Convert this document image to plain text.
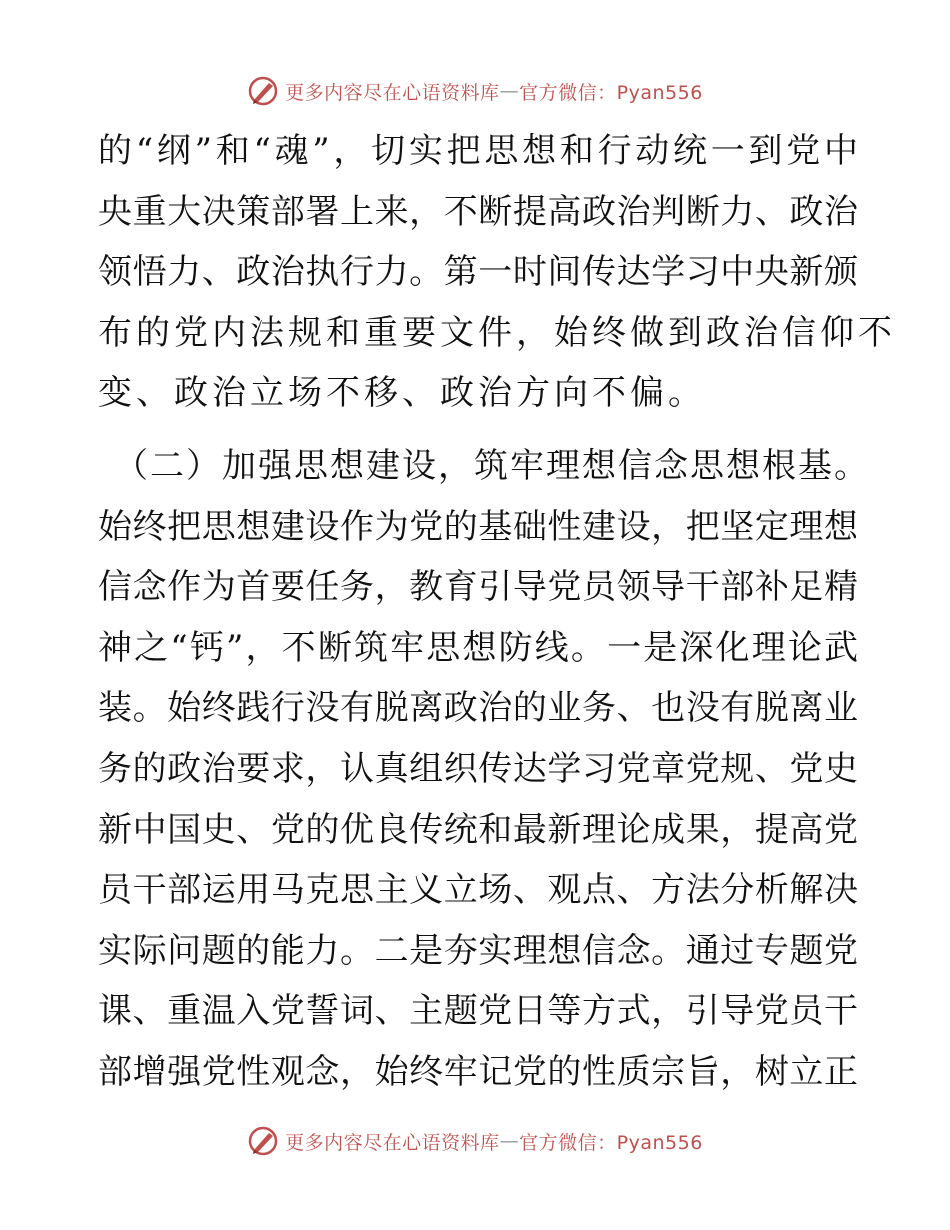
更多内容尽在心语资料库 — 官方微信：Pyan556
的“纲”和“魂”，切实把思想和行动统一到党中
央重大决策部署上来，不断提高政治判断力、政治
领悟力、政治执行力。第一时间传达学习中央新颁
布的党内法规和重要文件，始终做到政治信仰不
变、政治立场不移、政治方向不偏。
（二）加强思想建设，筑牢理想信念思想根基。
始终把思想建设作为党的基础性建设，把坚定理想
信念作为首要任务，教育引导党员领导干部补足精
神之“钙”，不断筑牢思想防线。一是深化理论武
装。始终践行没有脱离政治的业务、也没有脱离业
务的政治要求，认真组织传达学习党章党规、党史
新中国史、党的优良传统和最新理论成果，提高党
员干部运用马克思主义立场、观点、方法分析解决
实际问题的能力。二是夯实理想信念。通过专题党
课、重温入党誓词、主题党日等方式，引导党员干
部增强党性观念，始终牢记党的性质宗旨，树立正
更多内容尽在心语资料库 — 官方微信：Pyan556
